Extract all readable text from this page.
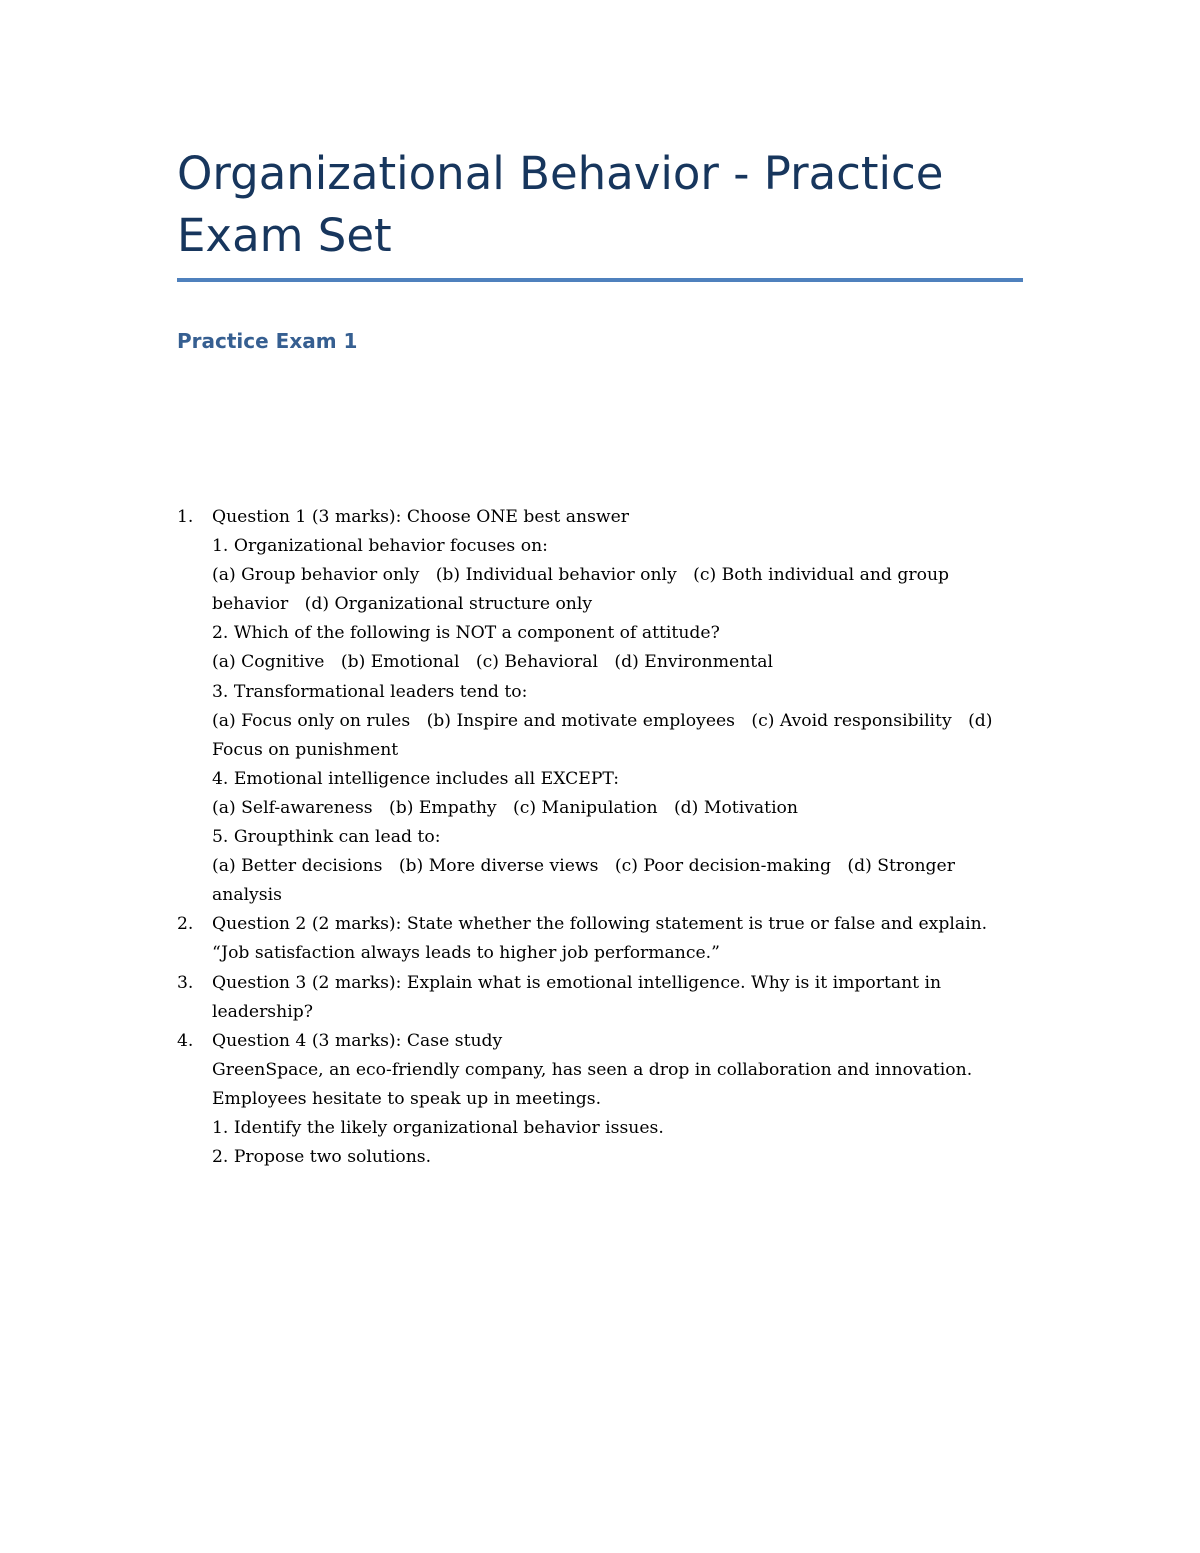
Organizational Behavior - Practice Exam Set
Practice Exam 1
1. Question 1 (3 marks): Choose ONE best answer
1. Organizational behavior focuses on:
(a) Group behavior only   (b) Individual behavior only   (c) Both individual and group behavior   (d) Organizational structure only
2. Which of the following is NOT a component of attitude?
(a) Cognitive   (b) Emotional   (c) Behavioral   (d) Environmental
3. Transformational leaders tend to:
(a) Focus only on rules   (b) Inspire and motivate employees   (c) Avoid responsibility   (d) Focus on punishment
4. Emotional intelligence includes all EXCEPT:
(a) Self-awareness   (b) Empathy   (c) Manipulation   (d) Motivation
5. Groupthink can lead to:
(a) Better decisions   (b) More diverse views   (c) Poor decision-making   (d) Stronger analysis
2. Question 2 (2 marks): State whether the following statement is true or false and explain.
“Job satisfaction always leads to higher job performance.”
3. Question 3 (2 marks): Explain what is emotional intelligence. Why is it important in leadership?
4. Question 4 (3 marks): Case study
GreenSpace, an eco-friendly company, has seen a drop in collaboration and innovation. Employees hesitate to speak up in meetings.
1. Identify the likely organizational behavior issues.
2. Propose two solutions.
